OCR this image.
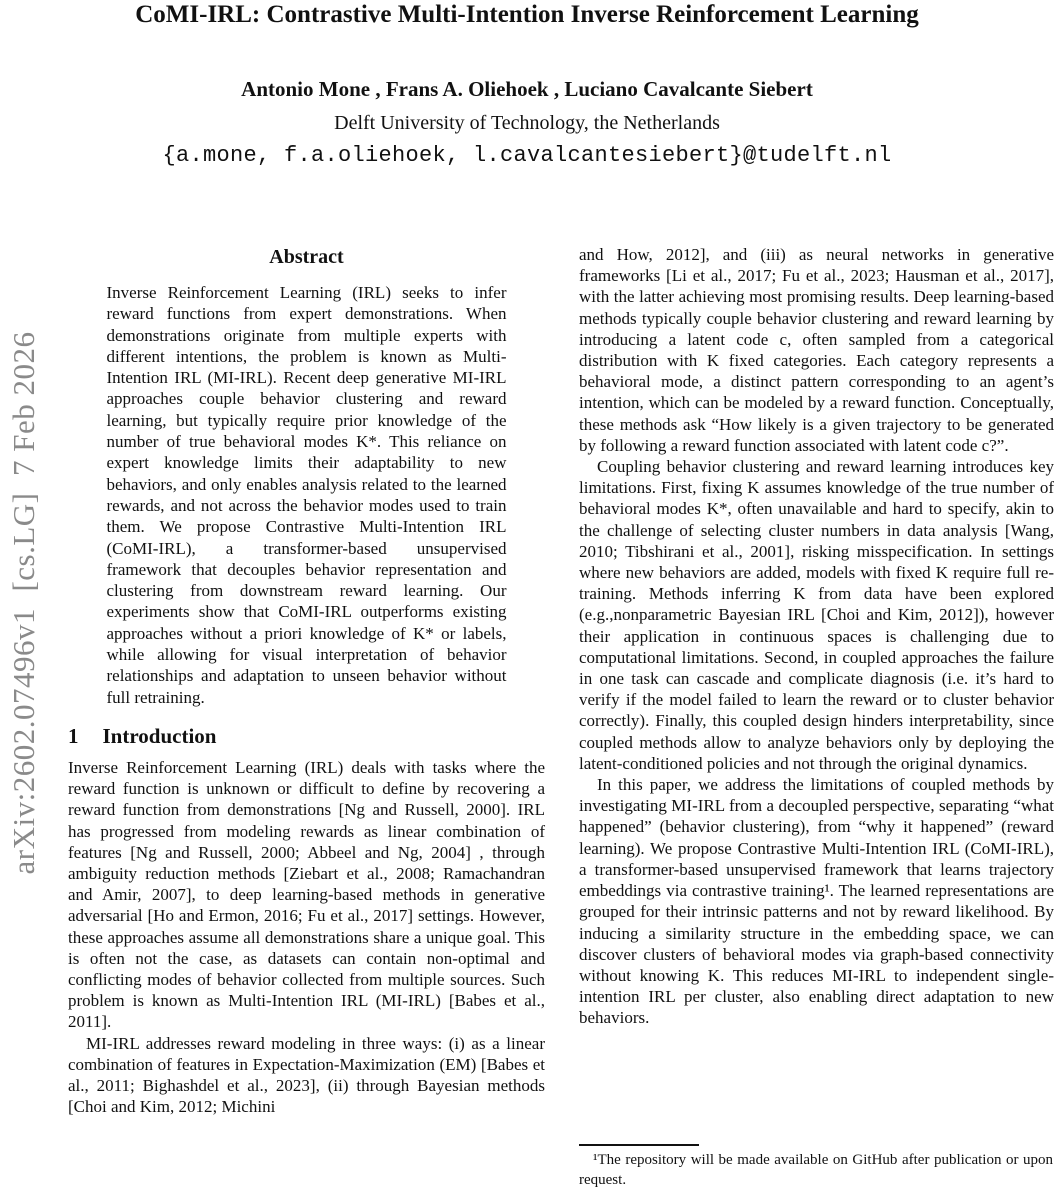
arXiv:2602.07496v1  [cs.LG]  7 Feb 2026
CoMI-IRL: Contrastive Multi-Intention Inverse Reinforcement Learning
Antonio Mone , Frans A. Oliehoek , Luciano Cavalcante Siebert
Delft University of Technology, the Netherlands
{a.mone, f.a.oliehoek, l.cavalcantesiebert}@tudelft.nl
Abstract

Inverse Reinforcement Learning (IRL) seeks to infer reward functions from expert demonstrations. When demonstrations originate from multiple experts with different intentions, the problem is known as Multi-Intention IRL (MI-IRL). Recent deep generative MI-IRL approaches couple behavior clustering and reward learning, but typically require prior knowledge of the number of true behavioral modes K*. This reliance on expert knowledge limits their adaptability to new behaviors, and only enables analysis related to the learned rewards, and not across the behavior modes used to train them. We propose Contrastive Multi-Intention IRL (CoMI-IRL), a transformer-based unsupervised framework that decouples behavior representation and clustering from downstream reward learning. Our experiments show that CoMI-IRL outperforms existing approaches without a priori knowledge of K* or labels, while allowing for visual interpretation of behavior relationships and adaptation to unseen behavior without full retraining.

1 Introduction

Inverse Reinforcement Learning (IRL) deals with tasks where the reward function is unknown or difficult to define by recovering a reward function from demonstrations [Ng and Russell, 2000]. IRL has progressed from modeling rewards as linear combination of features [Ng and Russell, 2000; Abbeel and Ng, 2004] , through ambiguity reduction methods [Ziebart et al., 2008; Ramachandran and Amir, 2007], to deep learning-based methods in generative adversarial [Ho and Ermon, 2016; Fu et al., 2017] settings. However, these approaches assume all demonstrations share a unique goal. This is often not the case, as datasets can contain non-optimal and conflicting modes of behavior collected from multiple sources. Such problem is known as Multi-Intention IRL (MI-IRL) [Babes et al., 2011].

MI-IRL addresses reward modeling in three ways: (i) as a linear combination of features in Expectation-Maximization (EM) [Babes et al., 2011; Bighashdel et al., 2023], (ii) through Bayesian methods [Choi and Kim, 2012; Michini

and How, 2012], and (iii) as neural networks in generative frameworks [Li et al., 2017; Fu et al., 2023; Hausman et al., 2017], with the latter achieving most promising results. Deep learning-based methods typically couple behavior clustering and reward learning by introducing a latent code c, often sampled from a categorical distribution with K fixed categories. Each category represents a behavioral mode, a distinct pattern corresponding to an agent’s intention, which can be modeled by a reward function. Conceptually, these methods ask “How likely is a given trajectory to be generated by following a reward function associated with latent code c?”.

Coupling behavior clustering and reward learning introduces key limitations. First, fixing K assumes knowledge of the true number of behavioral modes K*, often unavailable and hard to specify, akin to the challenge of selecting cluster numbers in data analysis [Wang, 2010; Tibshirani et al., 2001], risking misspecification. In settings where new behaviors are added, models with fixed K require full re-training. Methods inferring K from data have been explored (e.g.,nonparametric Bayesian IRL [Choi and Kim, 2012]), however their application in continuous spaces is challenging due to computational limitations. Second, in coupled approaches the failure in one task can cascade and complicate diagnosis (i.e. it’s hard to verify if the model failed to learn the reward or to cluster behavior correctly). Finally, this coupled design hinders interpretability, since coupled methods allow to analyze behaviors only by deploying the latent-conditioned policies and not through the original dynamics.

In this paper, we address the limitations of coupled methods by investigating MI-IRL from a decoupled perspective, separating “what happened” (behavior clustering), from “why it happened” (reward learning). We propose Contrastive Multi-Intention IRL (CoMI-IRL), a transformer-based unsupervised framework that learns trajectory embeddings via contrastive training¹. The learned representations are grouped for their intrinsic patterns and not by reward likelihood. By inducing a similarity structure in the embedding space, we can discover clusters of behavioral modes via graph-based connectivity without knowing K. This reduces MI-IRL to independent single-intention IRL per cluster, also enabling direct adaptation to new behaviors.

¹The repository will be made available on GitHub after publication or upon request.
